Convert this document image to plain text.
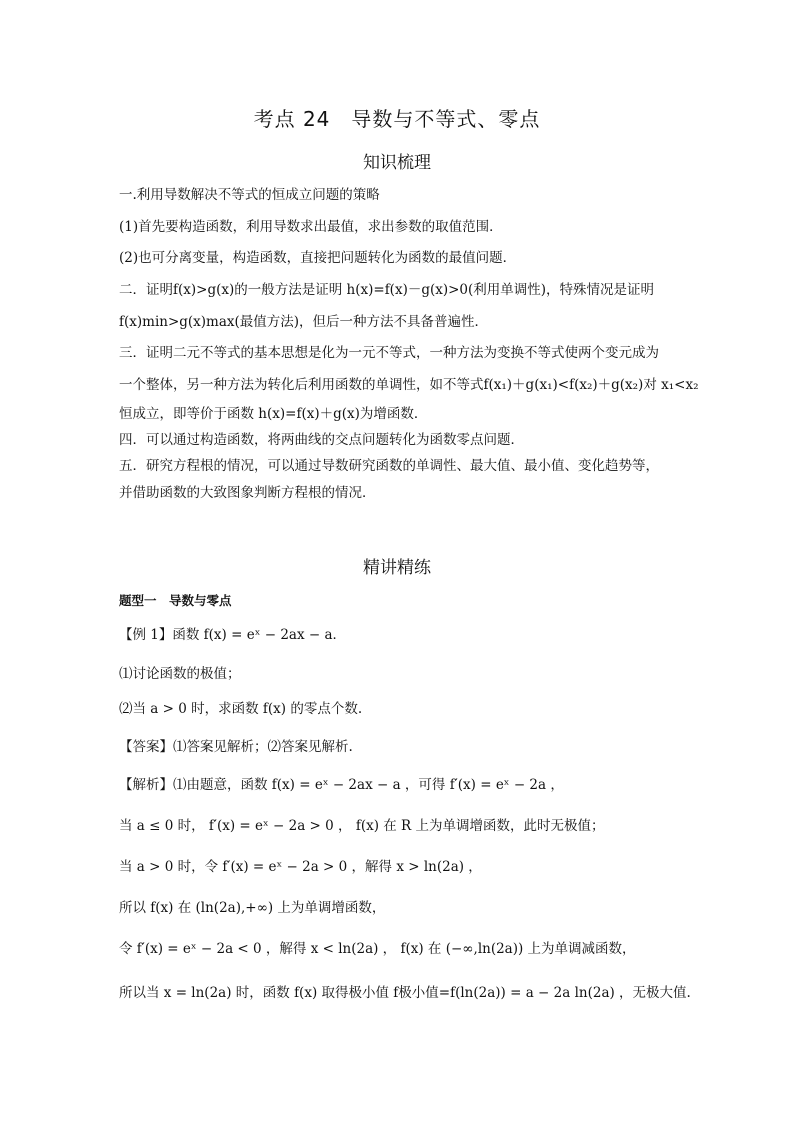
考点 24　导数与不等式、零点
知识梳理
一.利用导数解决不等式的恒成立问题的策略
(1)首先要构造函数，利用导数求出最值，求出参数的取值范围．
(2)也可分离变量，构造函数，直接把问题转化为函数的最值问题．
二．证明f(x)>g(x)的一般方法是证明 h(x)=f(x)－g(x)>0(利用单调性)，特殊情况是证明
f(x)min>g(x)max(最值方法)，但后一种方法不具备普遍性．
三．证明二元不等式的基本思想是化为一元不等式，一种方法为变换不等式使两个变元成为
一个整体，另一种方法为转化后利用函数的单调性，如不等式f(x₁)＋g(x₁)<f(x₂)＋g(x₂)对 x₁<x₂
恒成立，即等价于函数 h(x)=f(x)＋g(x)为增函数．
四．可以通过构造函数，将两曲线的交点问题转化为函数零点问题．
五．研究方程根的情况，可以通过导数研究函数的单调性、最大值、最小值、变化趋势等，
并借助函数的大致图象判断方程根的情况．
精讲精练
题型一　导数与零点
【例 1】函数 f(x) = eˣ − 2ax − a．
⑴讨论函数的极值；
⑵当 a > 0 时，求函数 f(x) 的零点个数.
【答案】⑴答案见解析；⑵答案见解析.
【解析】⑴由题意，函数 f(x) = eˣ − 2ax − a ，可得 f′(x) = eˣ − 2a ，
当 a ≤ 0 时， f′(x) = eˣ − 2a > 0 ， f(x) 在 R 上为单调增函数，此时无极值；
当 a > 0 时，令 f′(x) = eˣ − 2a > 0 ，解得 x > ln(2a) ，
所以 f(x) 在 (ln(2a),+∞) 上为单调增函数，
令 f′(x) = eˣ − 2a < 0 ，解得 x < ln(2a) ， f(x) 在 (−∞,ln(2a)) 上为单调减函数，
所以当 x = ln(2a) 时，函数 f(x) 取得极小值 f极小值=f(ln(2a)) = a − 2a ln(2a) ，无极大值.
